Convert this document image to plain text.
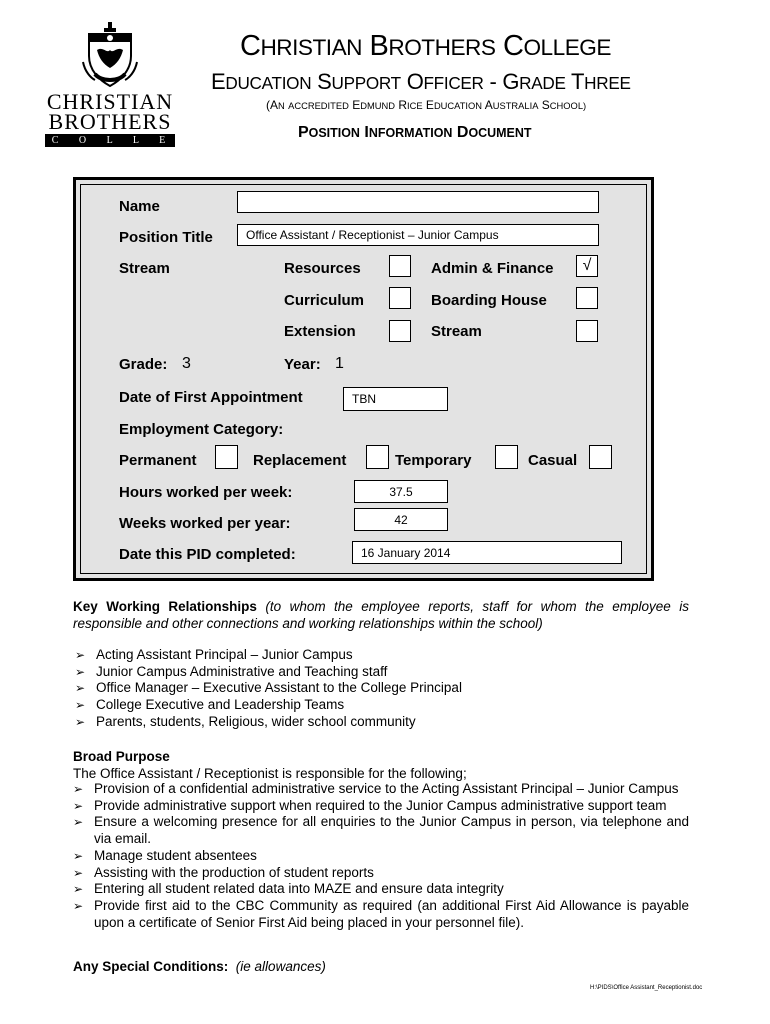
CHRISTIAN
BROTHERS
C O L L E G E
CHRISTIAN BROTHERS COLLEGE
EDUCATION SUPPORT OFFICER - GRADE THREE
(AN ACCREDITED EDMUND RICE EDUCATION AUSTRALIA SCHOOL)
POSITION INFORMATION DOCUMENT
Name
Position Title	Office Assistant / Receptionist – Junior Campus
Stream	Resources	Admin & Finance	√
Curriculum	Boarding House
Extension	Stream
Grade: 3	Year: 1
Date of First Appointment	TBN
Employment Category:
Permanent	Replacement	Temporary	Casual
Hours worked per week:	37.5
Weeks worked per year:	42
Date this PID completed:	16 January 2014
Key Working Relationships (to whom the employee reports, staff for whom the employee is responsible and other connections and working relationships within the school)
➢ Acting Assistant Principal – Junior Campus
➢ Junior Campus Administrative and Teaching staff
➢ Office Manager – Executive Assistant to the College Principal
➢ College Executive and Leadership Teams
➢ Parents, students, Religious, wider school community
Broad Purpose
The Office Assistant / Receptionist is responsible for the following;
➢ Provision of a confidential administrative service to the Acting Assistant Principal – Junior Campus
➢ Provide administrative support when required to the Junior Campus administrative support team
➢ Ensure a welcoming presence for all enquiries to the Junior Campus in person, via telephone and via email.
➢ Manage student absentees
➢ Assisting with the production of student reports
➢ Entering all student related data into MAZE and ensure data integrity
➢ Provide first aid to the CBC Community as required (an additional First Aid Allowance is payable upon a certificate of Senior First Aid being placed in your personnel file).
Any Special Conditions: (ie allowances)
H:\PIDS\Office Assistant_Receptionist.doc
